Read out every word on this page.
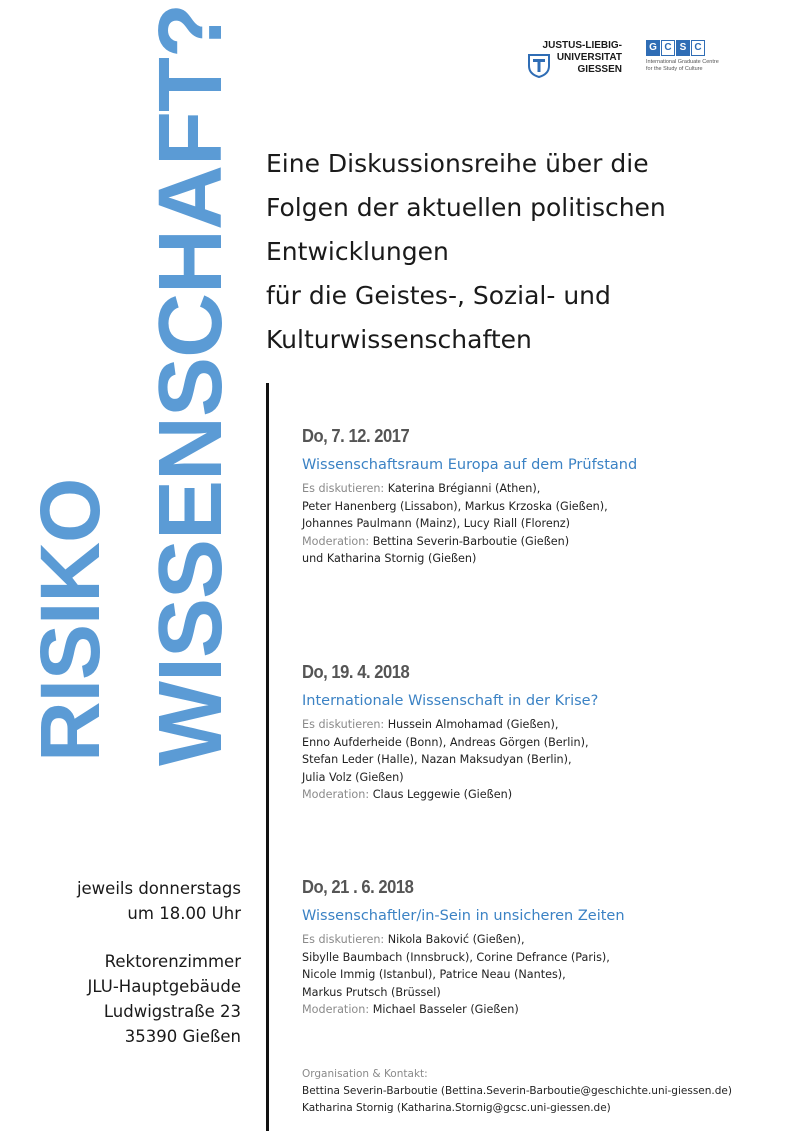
RISIKO WISSENSCHAFT?	JUSTUS-LIEBIG-
UNIVERSITAT
GIESSEN
G C S C
International Graduate Centre
for the Study of Culture
Eine Diskussionsreihe über die
Folgen der aktuellen politischen
Entwicklungen
für die Geistes-, Sozial- und
Kulturwissenschaften
Do, 7. 12. 2017
Wissenschaftsraum Europa auf dem Prüfstand
Es diskutieren: Katerina Brégianni (Athen),
Peter Hanenberg (Lissabon), Markus Krzoska (Gießen),
Johannes Paulmann (Mainz), Lucy Riall (Florenz)
Moderation: Bettina Severin-Barboutie (Gießen)
und Katharina Stornig (Gießen)
Do, 19. 4. 2018
Internationale Wissenschaft in der Krise?
Es diskutieren: Hussein Almohamad (Gießen),
Enno Aufderheide (Bonn), Andreas Görgen (Berlin),
Stefan Leder (Halle), Nazan Maksudyan (Berlin),
Julia Volz (Gießen)
Moderation: Claus Leggewie (Gießen)
Do, 21 . 6. 2018
Wissenschaftler/in-Sein in unsicheren Zeiten
Es diskutieren: Nikola Baković (Gießen),
Sibylle Baumbach (Innsbruck), Corine Defrance (Paris),
Nicole Immig (Istanbul), Patrice Neau (Nantes),
Markus Prutsch (Brüssel)
Moderation: Michael Basseler (Gießen)
jeweils donnerstags
um 18.00 Uhr
Rektorenzimmer
JLU-Hauptgebäude
Ludwigstraße 23
35390 Gießen
Organisation & Kontakt:
Bettina Severin-Barboutie (Bettina.Severin-Barboutie@geschichte.uni-giessen.de)
Katharina Stornig (Katharina.Stornig@gcsc.uni-giessen.de)
